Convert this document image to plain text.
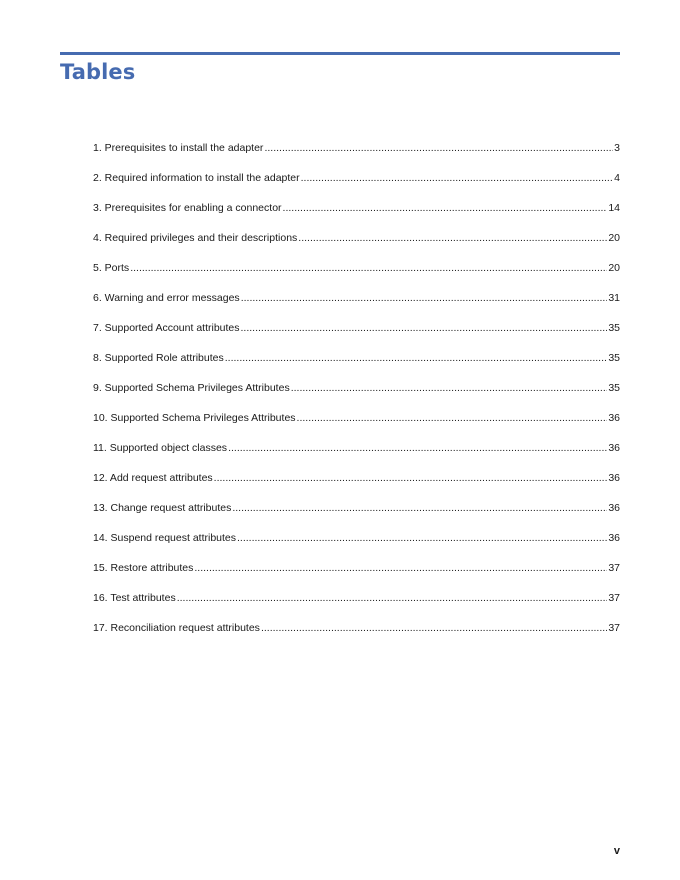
Tables
1. Prerequisites to install the adapter .....	3
2. Required information to install the adapter .....	4
3. Prerequisites for enabling a connector .....	14
4. Required privileges and their descriptions .....	20
5. Ports .....	20
6. Warning and error messages .....	31
7. Supported Account attributes .....	35
8. Supported Role attributes .....	35
9. Supported Schema Privileges Attributes .....	35
10. Supported Schema Privileges Attributes .....	36
11. Supported object classes .....	36
12. Add request attributes .....	36
13. Change request attributes .....	36
14. Suspend request attributes .....	36
15. Restore attributes .....	37
16. Test attributes .....	37
17. Reconciliation request attributes .....	37
v
